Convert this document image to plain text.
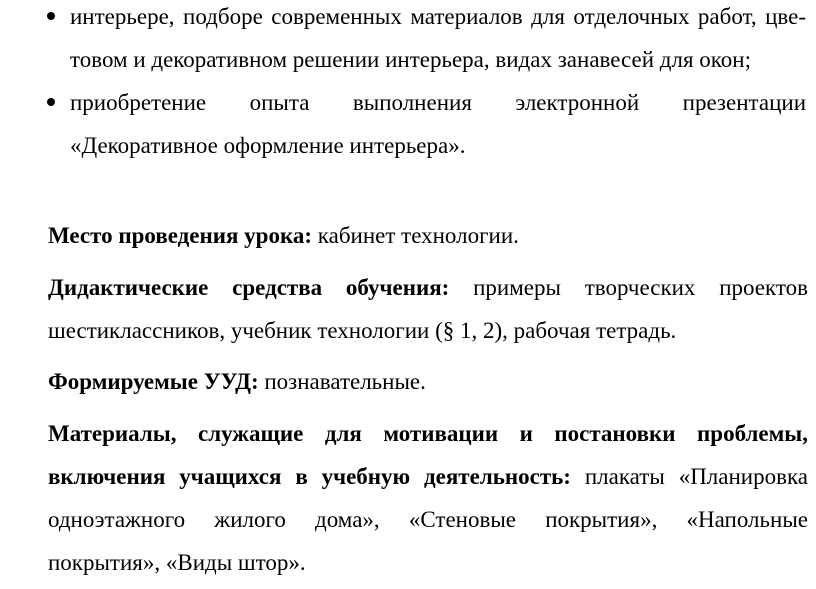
интерьере, подборе современных материалов для отделочных работ, цве- товом и декоративном решении интерьера, видах занавесей для окон;
приобретение опыта выполнения электронной презентации «Декоративное оформление интерьера».

Место проведения урока: кабинет технологии.

Дидактические средства обучения: примеры творческих проектов шестиклассников, учебник технологии (§ 1, 2), рабочая тетрадь.

Формируемые УУД: познавательные.

Материалы, служащие для мотивации и постановки проблемы, включения учащихся в учебную деятельность: плакаты «Планировка одноэтажного жилого дома», «Стеновые покрытия», «Напольные покрытия», «Виды штор».
